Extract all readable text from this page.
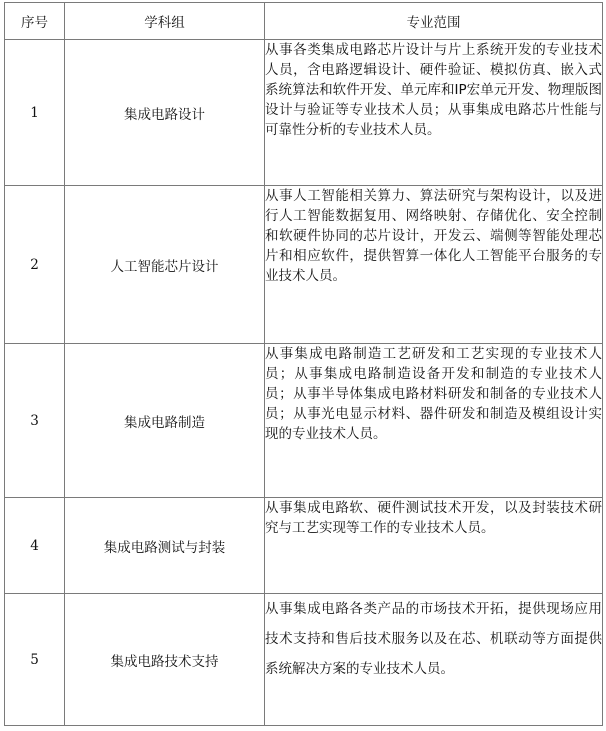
序号	学科组	专业范围
1	集成电路设计	从事各类集成电路芯片设计与片上系统开发的专业技术人员，含电路逻辑设计、硬件验证、模拟仿真、嵌入式系统算法和软件开发、单元库和IP宏单元开发、物理版图设计与验证等专业技术人员；从事集成电路芯片性能与可靠性分析的专业技术人员。
2	人工智能芯片设计	从事人工智能相关算力、算法研究与架构设计，以及进行人工智能数据复用、网络映射、存储优化、安全控制和软硬件协同的芯片设计，开发云、端侧等智能处理芯片和相应软件，提供智算一体化人工智能平台服务的专业技术人员。
3	集成电路制造	从事集成电路制造工艺研发和工艺实现的专业技术人员；从事集成电路制造设备开发和制造的专业技术人员；从事半导体集成电路材料研发和制备的专业技术人员；从事光电显示材料、器件研发和制造及模组设计实现的专业技术人员。
4	集成电路测试与封装	从事集成电路软、硬件测试技术开发，以及封装技术研究与工艺实现等工作的专业技术人员。
5	集成电路技术支持	从事集成电路各类产品的市场技术开拓，提供现场应用技术支持和售后技术服务以及在芯、机联动等方面提供系统解决方案的专业技术人员。
